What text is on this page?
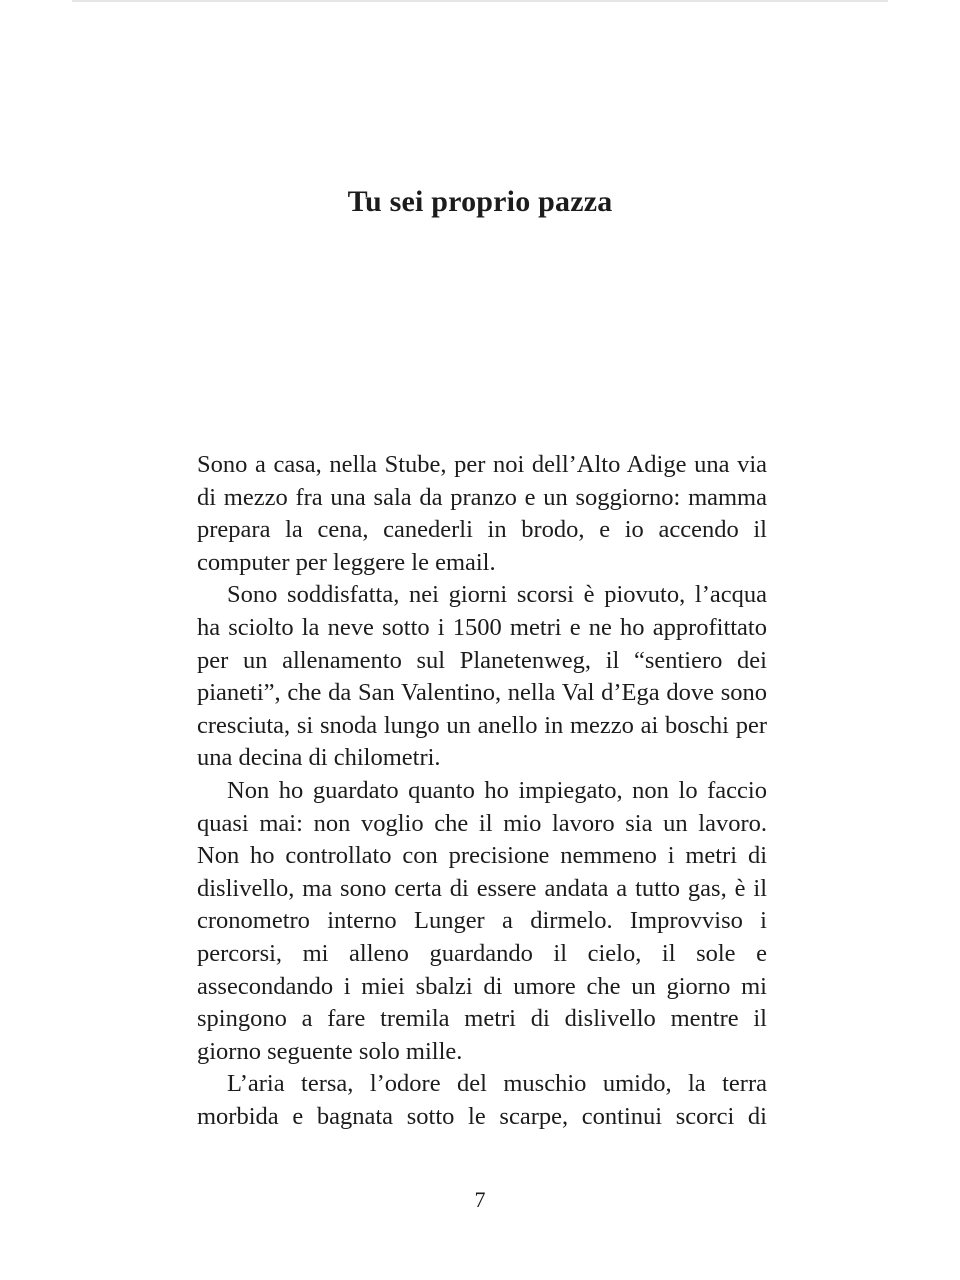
Tu sei proprio pazza

Sono a casa, nella Stube, per noi dell’Alto Adige una via di mezzo fra una sala da pranzo e un soggiorno: mamma prepara la cena, canederli in brodo, e io accendo il computer per leggere le email.

Sono soddisfatta, nei giorni scorsi è piovuto, l’acqua ha sciolto la neve sotto i 1500 metri e ne ho approfittato per un allenamento sul Planetenweg, il “sentiero dei pianeti”, che da San Valentino, nella Val d’Ega dove sono cresciuta, si snoda lungo un anello in mezzo ai boschi per una decina di chilometri.

Non ho guardato quanto ho impiegato, non lo faccio quasi mai: non voglio che il mio lavoro sia un lavoro. Non ho controllato con precisione nemmeno i metri di dislivello, ma sono certa di essere andata a tutto gas, è il cronometro interno Lunger a dirmelo. Improvviso i percorsi, mi alleno guardando il cielo, il sole e assecondando i miei sbalzi di umore che un giorno mi spingono a fare tremila metri di dislivello mentre il giorno seguente solo mille.

L’aria tersa, l’odore del muschio umido, la terra morbida e bagnata sotto le scarpe, continui scorci di

7
